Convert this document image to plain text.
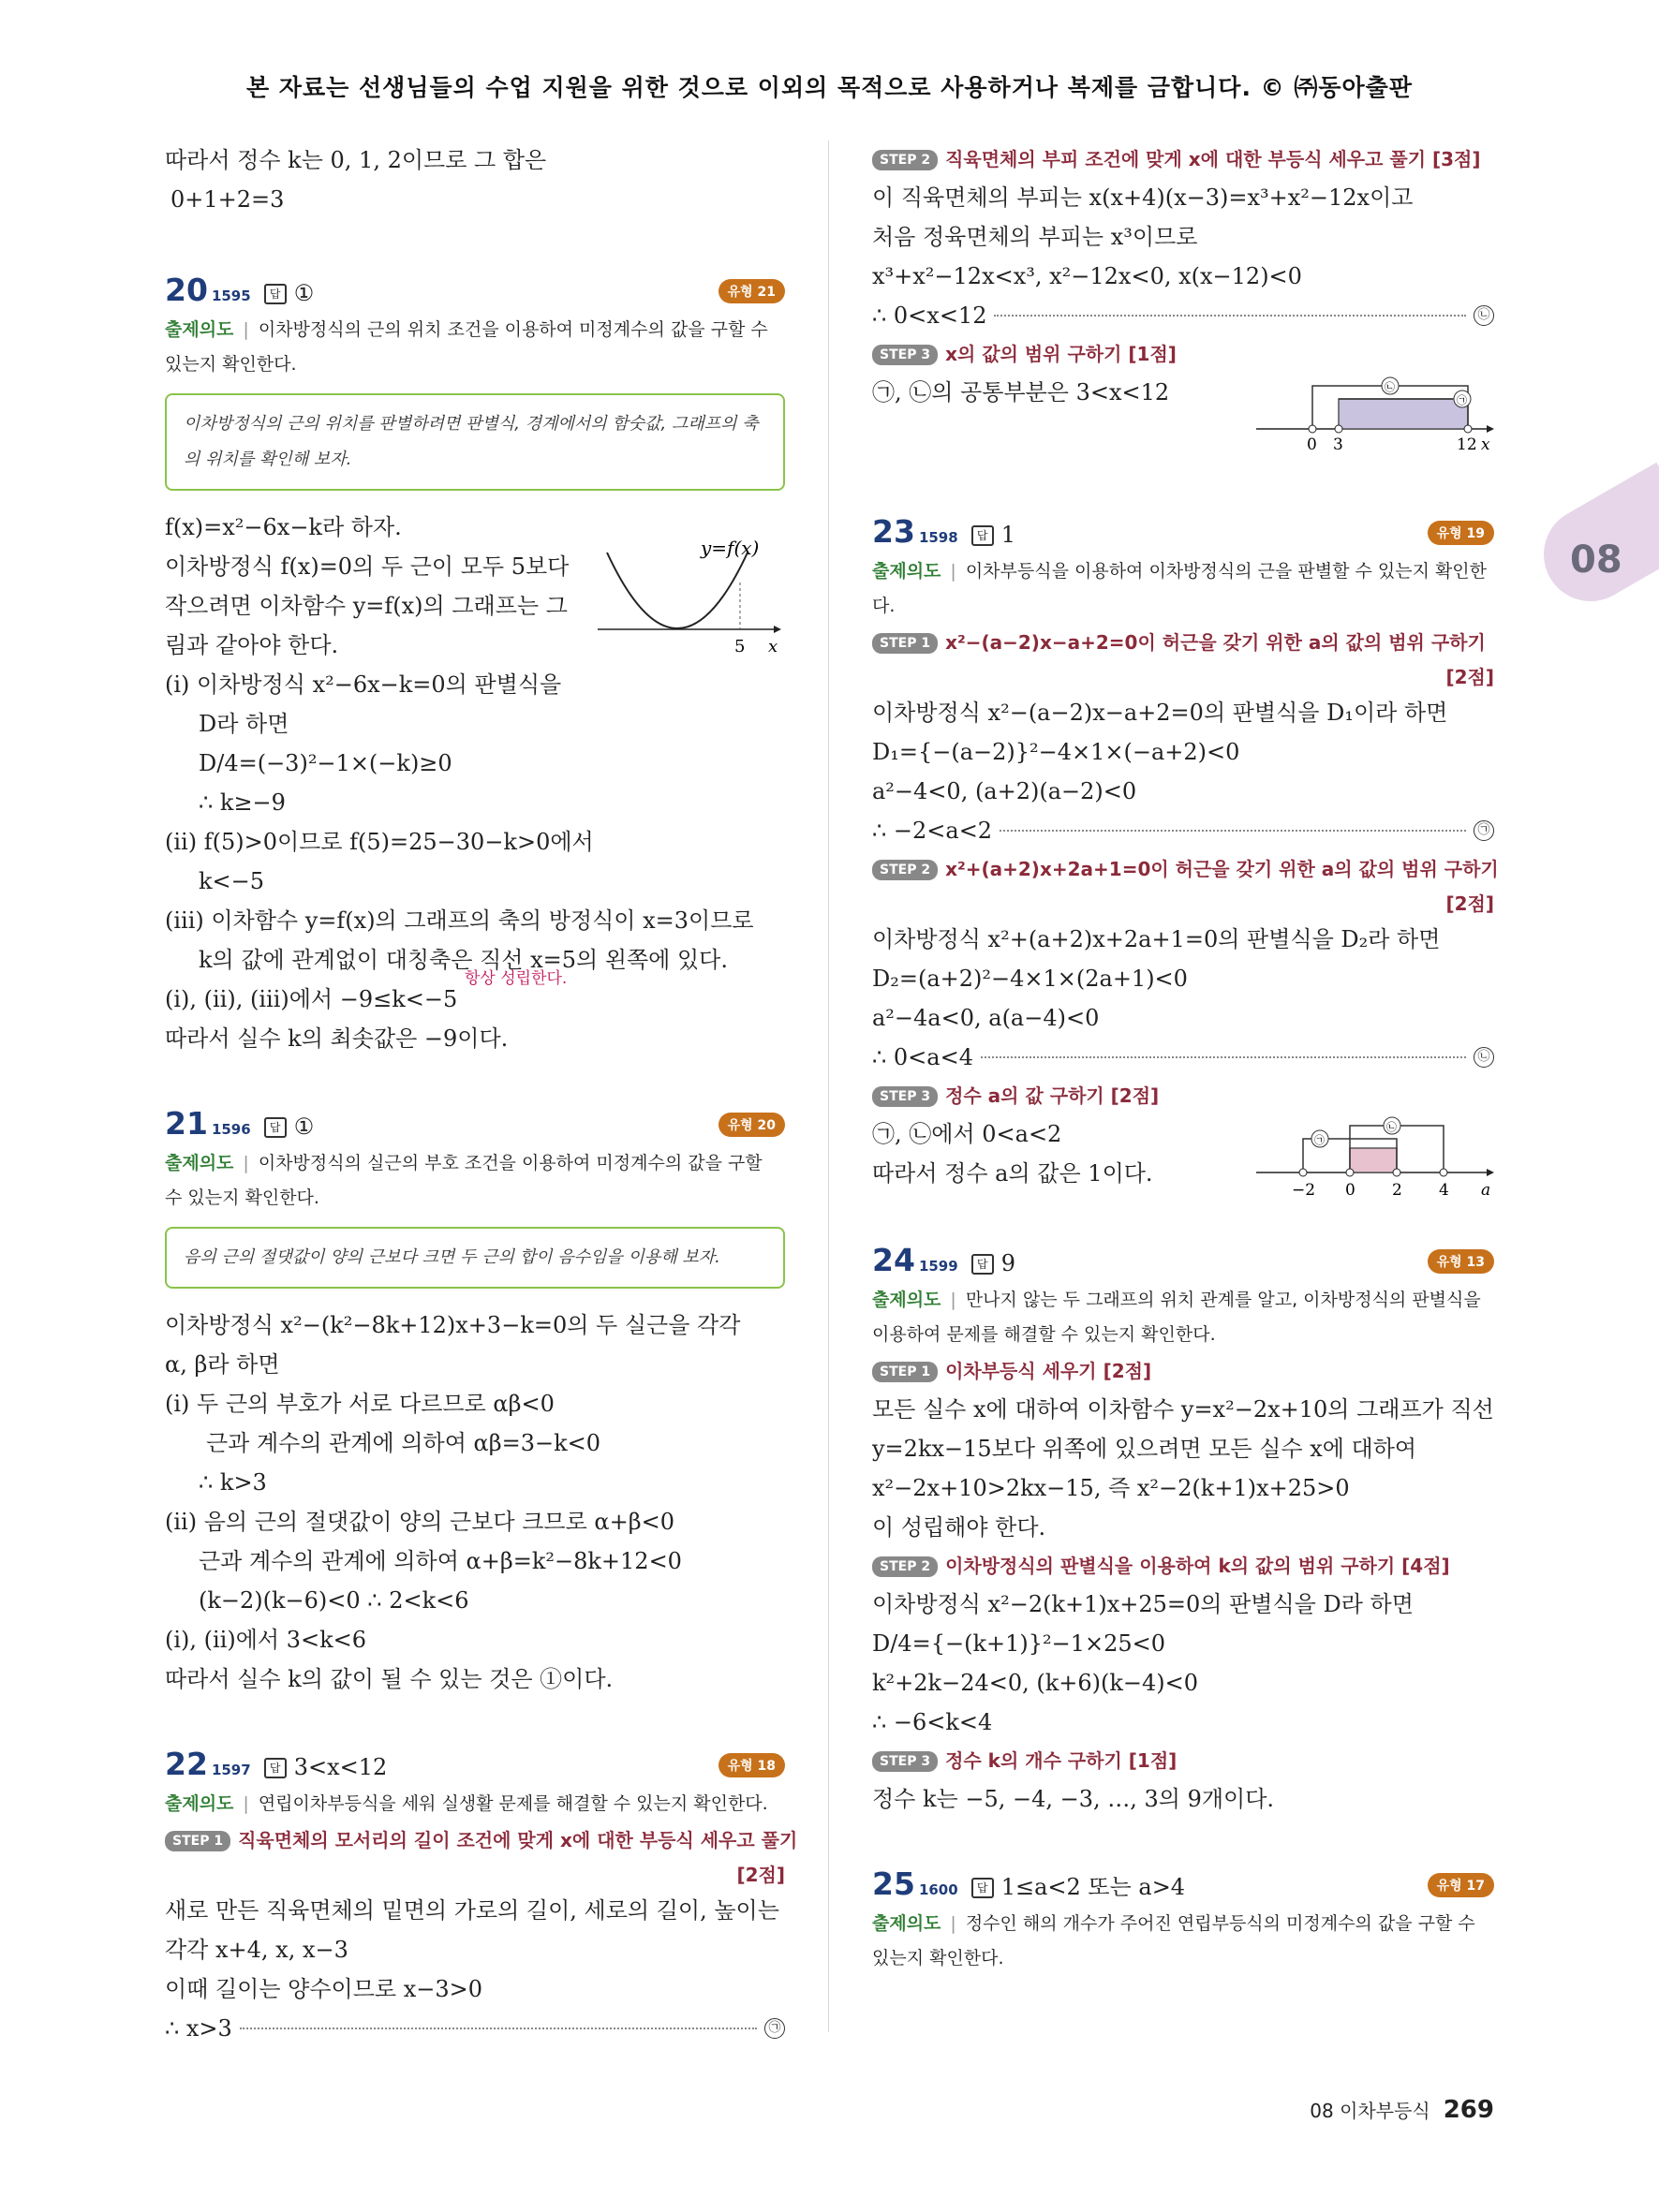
본 자료는 선생님들의 수업 지원을 위한 것으로 이외의 목적으로 사용하거나 복제를 금합니다. © ㈜동아출판
08
따라서 정수 k는 0, 1, 2이므로 그 합은
0+1+2=3
20 1595 답 ①	유형 21
출제의도 | 이차방정식의 근의 위치 조건을 이용하여 미정계수의 값을 구할 수 있는지 확인한다.
이차방정식의 근의 위치를 판별하려면 판별식, 경계에서의 함숫값, 그래프의 축의 위치를 확인해 보자.
y=f(x)
5 x
f(x)=x²−6x−k라 하자.
이차방정식 f(x)=0의 두 근이 모두 5보다
작으려면 이차함수 y=f(x)의 그래프는 그
림과 같아야 한다.
(ⅰ) 이차방정식 x²−6x−k=0의 판별식을
D라 하면
D/4=(−3)²−1×(−k)≥0
∴ k≥−9
(ⅱ) f(5)>0이므로 f(5)=25−30−k>0에서
k<−5
(ⅲ) 이차함수 y=f(x)의 그래프의 축의 방정식이 x=3이므로
k의 값에 관계없이 대칭축은 직선 x=5의 왼쪽에 있다.
항상 성립한다.
(ⅰ), (ⅱ), (ⅲ)에서 −9≤k<−5
따라서 실수 k의 최솟값은 −9이다.
21 1596 답 ①	유형 20
출제의도 | 이차방정식의 실근의 부호 조건을 이용하여 미정계수의 값을 구할 수 있는지 확인한다.
음의 근의 절댓값이 양의 근보다 크면 두 근의 합이 음수임을 이용해 보자.
이차방정식 x²−(k²−8k+12)x+3−k=0의 두 실근을 각각
α, β라 하면
(ⅰ) 두 근의 부호가 서로 다르므로 αβ<0
근과 계수의 관계에 의하여 αβ=3−k<0
∴ k>3
(ⅱ) 음의 근의 절댓값이 양의 근보다 크므로 α+β<0
근과 계수의 관계에 의하여 α+β=k²−8k+12<0
(k−2)(k−6)<0 ∴ 2<k<6
(ⅰ), (ⅱ)에서 3<k<6
따라서 실수 k의 값이 될 수 있는 것은 ①이다.
22 1597 답 3<x<12	유형 18
출제의도 | 연립이차부등식을 세워 실생활 문제를 해결할 수 있는지 확인한다.
STEP 1 직육면체의 모서리의 길이 조건에 맞게 x에 대한 부등식 세우고 풀기
[2점]
새로 만든 직육면체의 밑면의 가로의 길이, 세로의 길이, 높이는
각각 x+4, x, x−3
이때 길이는 양수이므로 x−3>0
∴ x>3	㉠
STEP 2 직육면체의 부피 조건에 맞게 x에 대한 부등식 세우고 풀기 [3점]
이 직육면체의 부피는 x(x+4)(x−3)=x³+x²−12x이고
처음 정육면체의 부피는 x³이므로
x³+x²−12x<x³, x²−12x<0, x(x−12)<0
∴ 0<x<12	㉡
STEP 3 x의 값의 범위 구하기 [1점]
㉠, ㉡의 공통부분은 3<x<12	㉡
㉠
0 3	12 x
23 1598 답 1	유형 19
출제의도 | 이차부등식을 이용하여 이차방정식의 근을 판별할 수 있는지 확인한다.
STEP 1 x²−(a−2)x−a+2=0이 허근을 갖기 위한 a의 값의 범위 구하기
[2점]
이차방정식 x²−(a−2)x−a+2=0의 판별식을 D₁이라 하면
D₁={−(a−2)}²−4×1×(−a+2)<0
a²−4<0, (a+2)(a−2)<0
∴ −2<a<2	㉠
STEP 2 x²+(a+2)x+2a+1=0이 허근을 갖기 위한 a의 값의 범위 구하기
[2점]
이차방정식 x²+(a+2)x+2a+1=0의 판별식을 D₂라 하면
D₂=(a+2)²−4×1×(2a+1)<0
a²−4a<0, a(a−4)<0
∴ 0<a<4	㉡
STEP 3 정수 a의 값 구하기 [2점]
㉠, ㉡에서 0<a<2
따라서 정수 a의 값은 1이다.
㉠
㉡
−2 0 2 4 a
24 1599 답 9	유형 13
출제의도 | 만나지 않는 두 그래프의 위치 관계를 알고, 이차방정식의 판별식을 이용하여 문제를 해결할 수 있는지 확인한다.
STEP 1 이차부등식 세우기 [2점]
모든 실수 x에 대하여 이차함수 y=x²−2x+10의 그래프가 직선
y=2kx−15보다 위쪽에 있으려면 모든 실수 x에 대하여
x²−2x+10>2kx−15, 즉 x²−2(k+1)x+25>0
이 성립해야 한다.
STEP 2 이차방정식의 판별식을 이용하여 k의 값의 범위 구하기 [4점]
이차방정식 x²−2(k+1)x+25=0의 판별식을 D라 하면
D/4={−(k+1)}²−1×25<0
k²+2k−24<0, (k+6)(k−4)<0
∴ −6<k<4
STEP 3 정수 k의 개수 구하기 [1점]
정수 k는 −5, −4, −3, …, 3의 9개이다.
25 1600 답 1≤a<2 또는 a>4	유형 17
출제의도 | 정수인 해의 개수가 주어진 연립부등식의 미정계수의 값을 구할 수 있는지 확인한다.
08 이차부등식 269
